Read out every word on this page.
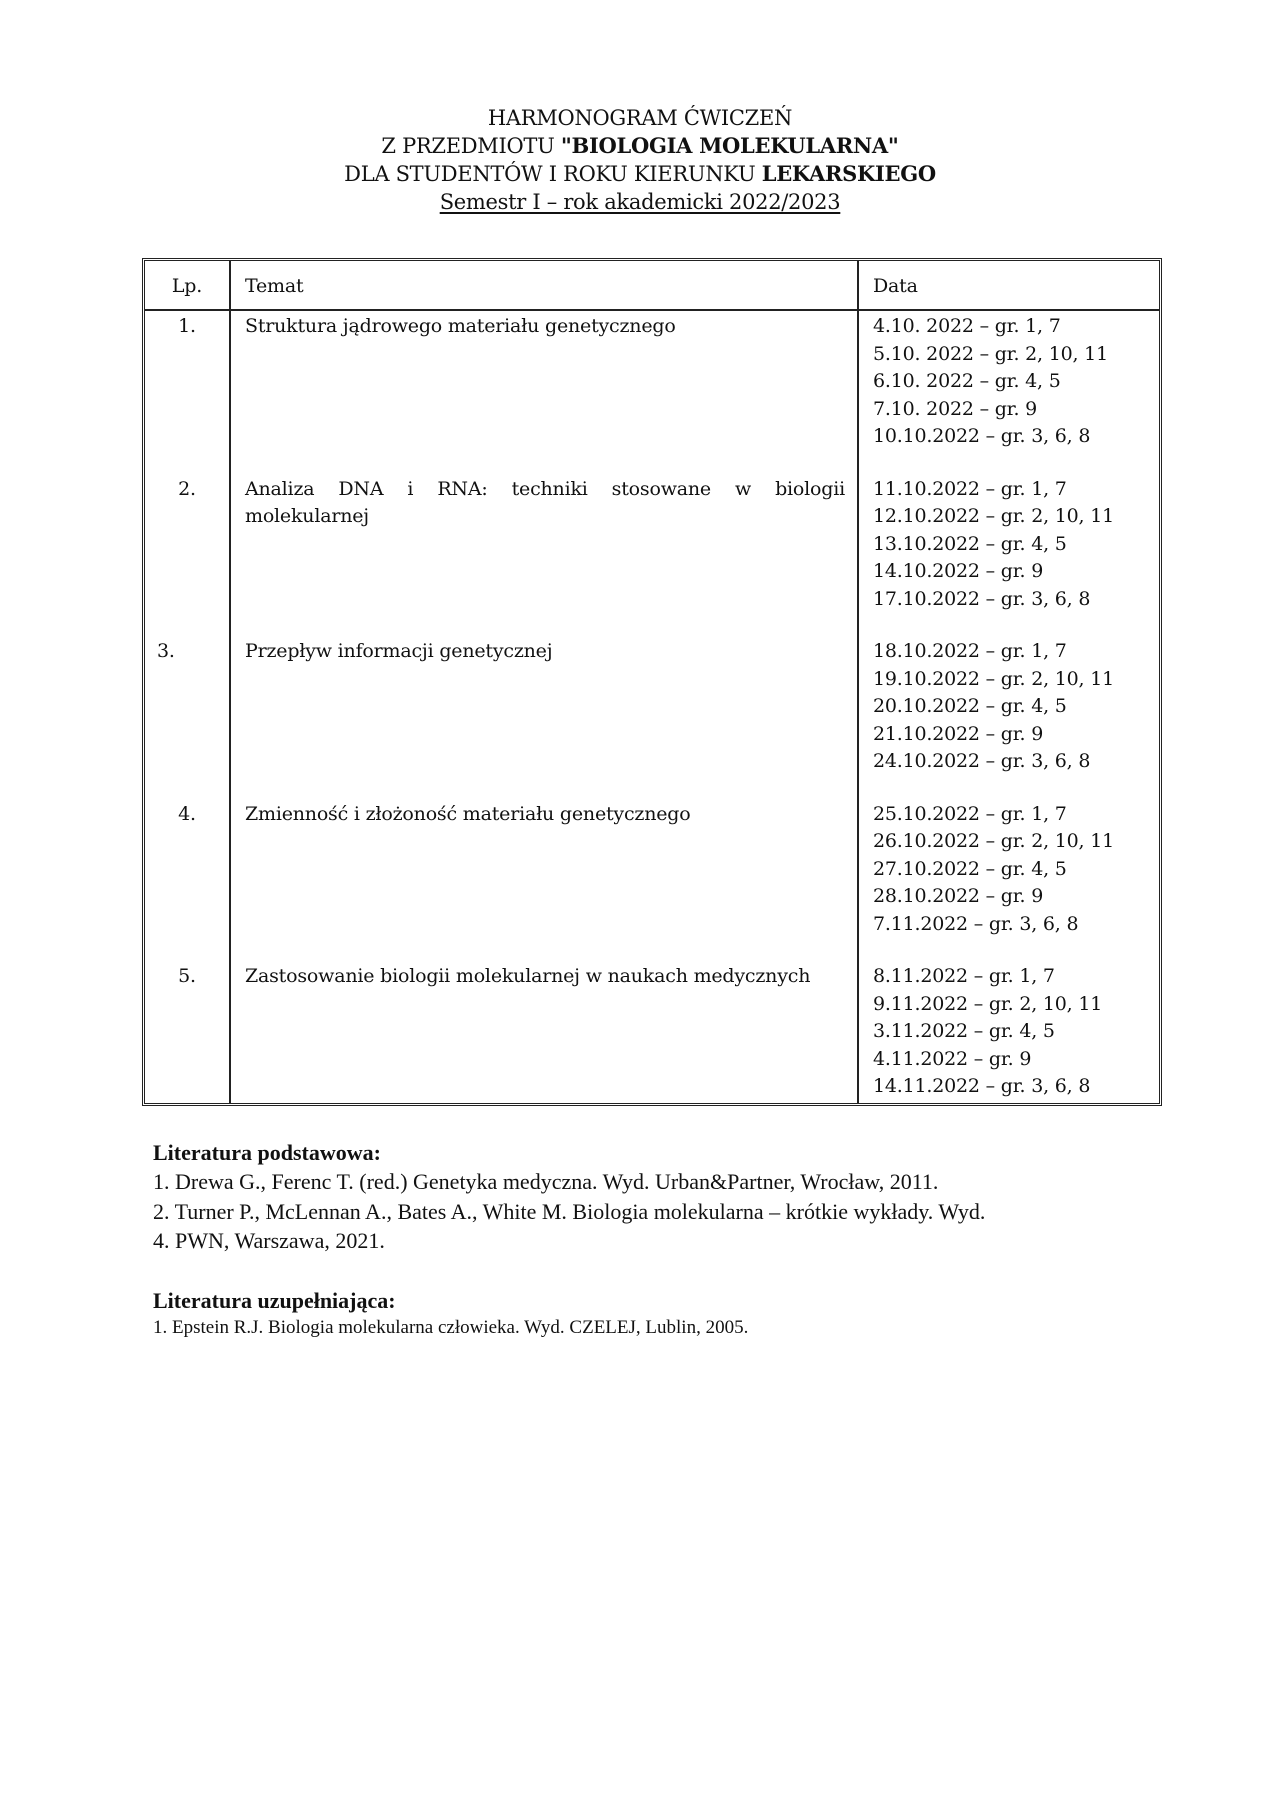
HARMONOGRAM ĆWICZEŃ
Z PRZEDMIOTU "BIOLOGIA MOLEKULARNA"
DLA STUDENTÓW I ROKU KIERUNKU LEKARSKIEGO
Semestr I – rok akademicki 2022/2023
Lp.	Temat	Data
1.	Struktura jądrowego materiału genetycznego	4.10. 2022 – gr. 1, 7
5.10. 2022 – gr. 2, 10, 11
6.10. 2022 – gr. 4, 5
7.10. 2022 – gr. 9
10.10.2022 – gr. 3, 6, 8

2.	Analiza DNA i RNA: techniki stosowane w biologii molekularnej	11.10.2022 – gr. 1, 7
12.10.2022 – gr. 2, 10, 11
13.10.2022 – gr. 4, 5
14.10.2022 – gr. 9
17.10.2022 – gr. 3, 6, 8

3.	Przepływ informacji genetycznej	18.10.2022 – gr. 1, 7
19.10.2022 – gr. 2, 10, 11
20.10.2022 – gr. 4, 5
21.10.2022 – gr. 9
24.10.2022 – gr. 3, 6, 8

4.	Zmienność i złożoność materiału genetycznego	25.10.2022 – gr. 1, 7
26.10.2022 – gr. 2, 10, 11
27.10.2022 – gr. 4, 5
28.10.2022 – gr. 9
7.11.2022 – gr. 3, 6, 8

5.	Zastosowanie biologii molekularnej w naukach medycznych	8.11.2022 – gr. 1, 7
9.11.2022 – gr. 2, 10, 11
3.11.2022 – gr. 4, 5
4.11.2022 – gr. 9
14.11.2022 – gr. 3, 6, 8
Literatura podstawowa:
1. Drewa G., Ferenc T. (red.) Genetyka medyczna. Wyd. Urban&Partner, Wrocław, 2011.
2. Turner P., McLennan A., Bates A., White M. Biologia molekularna – krótkie wykłady. Wyd.
4. PWN, Warszawa, 2021.
Literatura uzupełniająca:
1. Epstein R.J. Biologia molekularna człowieka. Wyd. CZELEJ, Lublin, 2005.
